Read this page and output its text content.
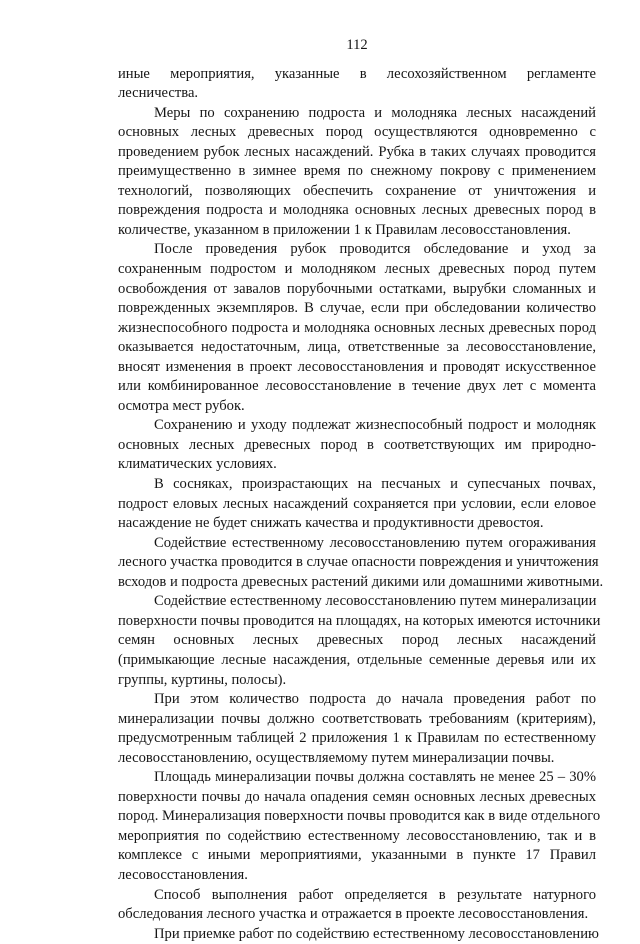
112
иные мероприятия, указанные в лесохозяйственном регламенте
лесничества.
Меры по сохранению подроста и молодняка лесных насаждений
основных лесных древесных пород осуществляются одновременно с
проведением рубок лесных насаждений. Рубка в таких случаях проводится
преимущественно в зимнее время по снежному покрову с применением
технологий, позволяющих обеспечить сохранение от уничтожения и
повреждения подроста и молодняка основных лесных древесных пород в
количестве, указанном в приложении 1 к Правилам лесовосстановления.
После проведения рубок проводится обследование и уход за
сохраненным подростом и молодняком лесных древесных пород путем
освобождения от завалов порубочными остатками, вырубки сломанных и
поврежденных экземпляров. В случае, если при обследовании количество
жизнеспособного подроста и молодняка основных лесных древесных пород
оказывается недостаточным, лица, ответственные за лесовосстановление,
вносят изменения в проект лесовосстановления и проводят искусственное
или комбинированное лесовосстановление в течение двух лет с момента
осмотра мест рубок.
Сохранению и уходу подлежат жизнеспособный подрост и молодняк
основных лесных древесных пород в соответствующих им природно-
климатических условиях.
В сосняках, произрастающих на песчаных и супесчаных почвах,
подрост еловых лесных насаждений сохраняется при условии, если еловое
насаждение не будет снижать качества и продуктивности древостоя.
Содействие естественному лесовосстановлению путем огораживания
лесного участка проводится в случае опасности повреждения и уничтожения
всходов и подроста древесных растений дикими или домашними животными.
Содействие естественному лесовосстановлению путем минерализации
поверхности почвы проводится на площадях, на которых имеются источники
семян основных лесных древесных пород лесных насаждений
(примыкающие лесные насаждения, отдельные семенные деревья или их
группы, куртины, полосы).
При этом количество подроста до начала проведения работ по
минерализации почвы должно соответствовать требованиям (критериям),
предусмотренным таблицей 2 приложения 1 к Правилам по естественному
лесовосстановлению, осуществляемому путем минерализации почвы.
Площадь минерализации почвы должна составлять не менее 25 – 30%
поверхности почвы до начала опадения семян основных лесных древесных
пород. Минерализация поверхности почвы проводится как в виде отдельного
мероприятия по содействию естественному лесовосстановлению, так и в
комплексе с иными мероприятиями, указанными в пункте 17 Правил
лесовосстановления.
Способ выполнения работ определяется в результате натурного
обследования лесного участка и отражается в проекте лесовосстановления.
При приемке работ по содействию естественному лесовосстановлению
